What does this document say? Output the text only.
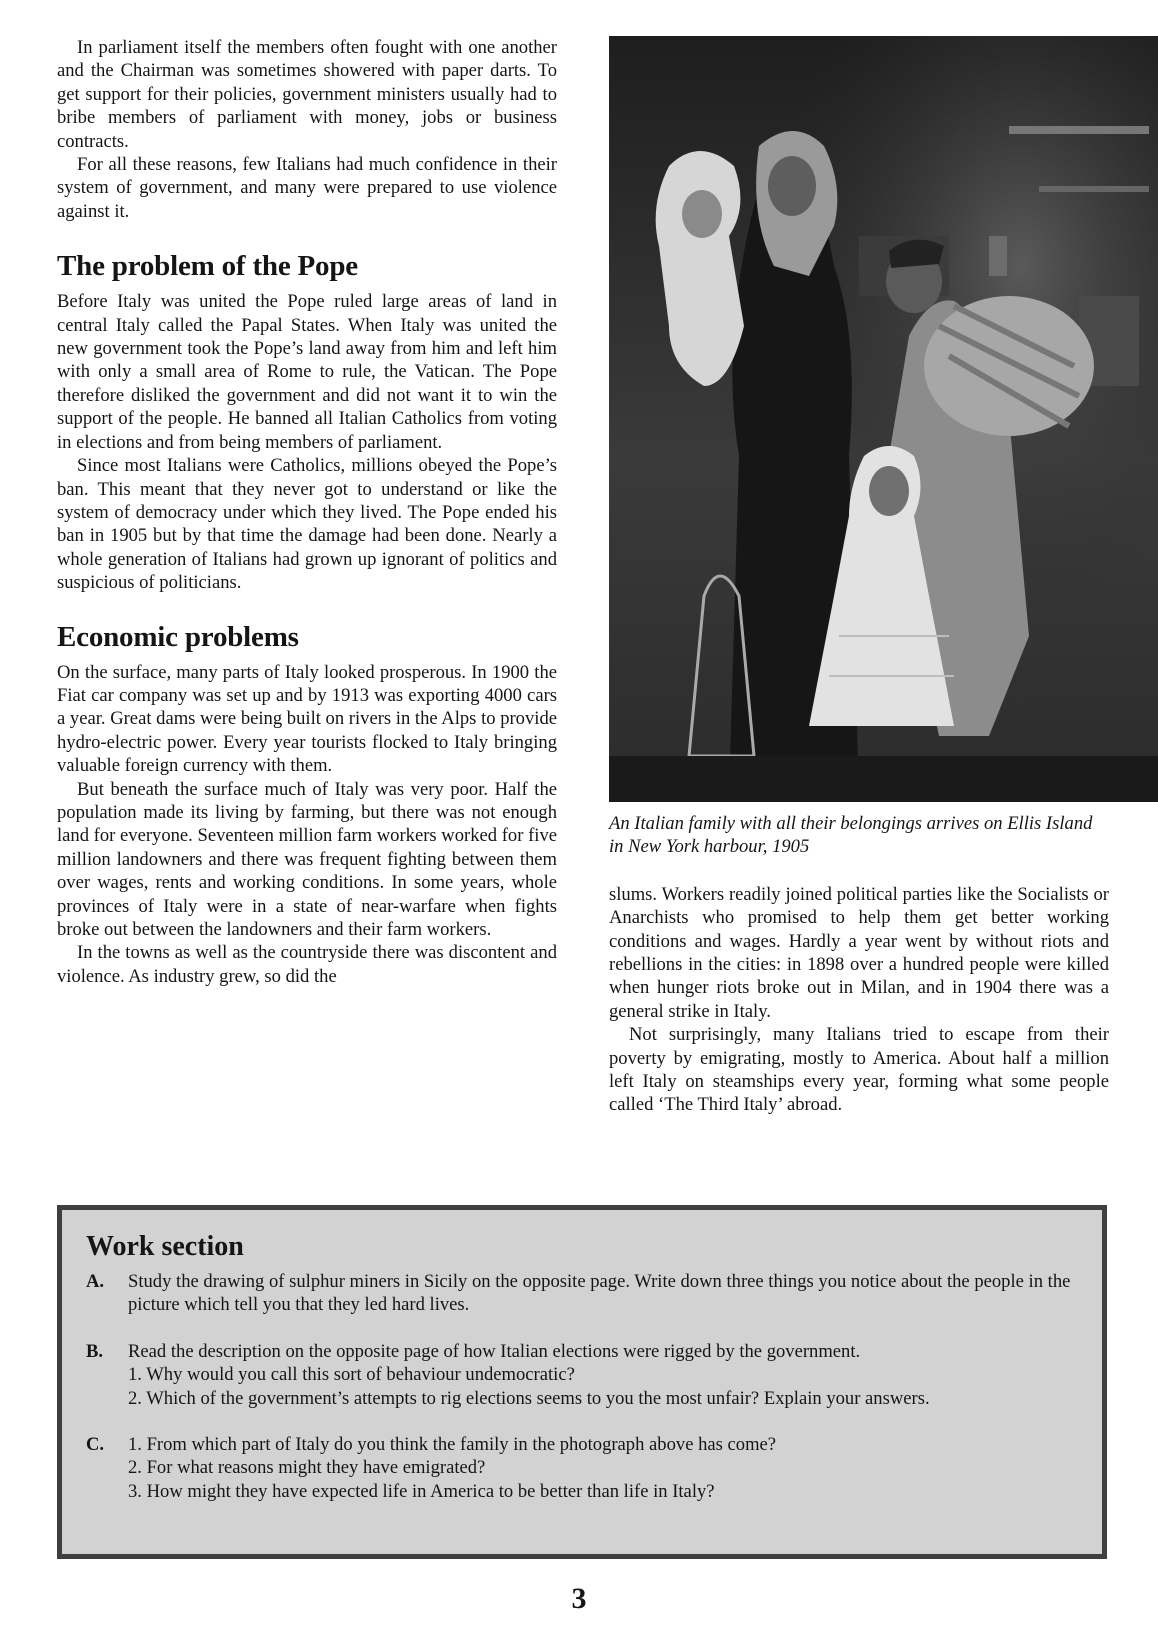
In parliament itself the members often fought with one another and the Chairman was sometimes showered with paper darts. To get support for their policies, government ministers usually had to bribe members of parliament with money, jobs or business contracts.

For all these reasons, few Italians had much confidence in their system of government, and many were prepared to use violence against it.

The problem of the Pope

Before Italy was united the Pope ruled large areas of land in central Italy called the Papal States. When Italy was united the new government took the Pope’s land away from him and left him with only a small area of Rome to rule, the Vatican. The Pope therefore disliked the government and did not want it to win the support of the people. He banned all Italian Catholics from voting in elections and from being members of parliament.

Since most Italians were Catholics, millions obeyed the Pope’s ban. This meant that they never got to understand or like the system of democracy under which they lived. The Pope ended his ban in 1905 but by that time the damage had been done. Nearly a whole generation of Italians had grown up ignorant of politics and suspicious of politicians.

Economic problems

On the surface, many parts of Italy looked prosperous. In 1900 the Fiat car company was set up and by 1913 was exporting 4000 cars a year. Great dams were being built on rivers in the Alps to provide hydro-electric power. Every year tourists flocked to Italy bringing valuable foreign currency with them.

But beneath the surface much of Italy was very poor. Half the population made its living by farming, but there was not enough land for everyone. Seventeen million farm workers worked for five million landowners and there was frequent fighting between them over wages, rents and working conditions. In some years, whole provinces of Italy were in a state of near-warfare when fights broke out between the landowners and their farm workers.

In the towns as well as the countryside there was discontent and violence. As industry grew, so did the

An Italian family with all their belongings arrives on Ellis Island in New York harbour, 1905

slums. Workers readily joined political parties like the Socialists or Anarchists who promised to help them get better working conditions and wages. Hardly a year went by without riots and rebellions in the cities: in 1898 over a hundred people were killed when hunger riots broke out in Milan, and in 1904 there was a general strike in Italy.

Not surprisingly, many Italians tried to escape from their poverty by emigrating, mostly to America. About half a million left Italy on steamships every year, forming what some people called ‘The Third Italy’ abroad.

Work section
A.	Study the drawing of sulphur miners in Sicily on the opposite page. Write down three things you notice about the people in the picture which tell you that they led hard lives.
B.	Read the description on the opposite page of how Italian elections were rigged by the government.
1. Why would you call this sort of behaviour undemocratic?
2. Which of the government’s attempts to rig elections seems to you the most unfair? Explain your answers.
C.	1. From which part of Italy do you think the family in the photograph above has come?
2. For what reasons might they have emigrated?
3. How might they have expected life in America to be better than life in Italy?
3
